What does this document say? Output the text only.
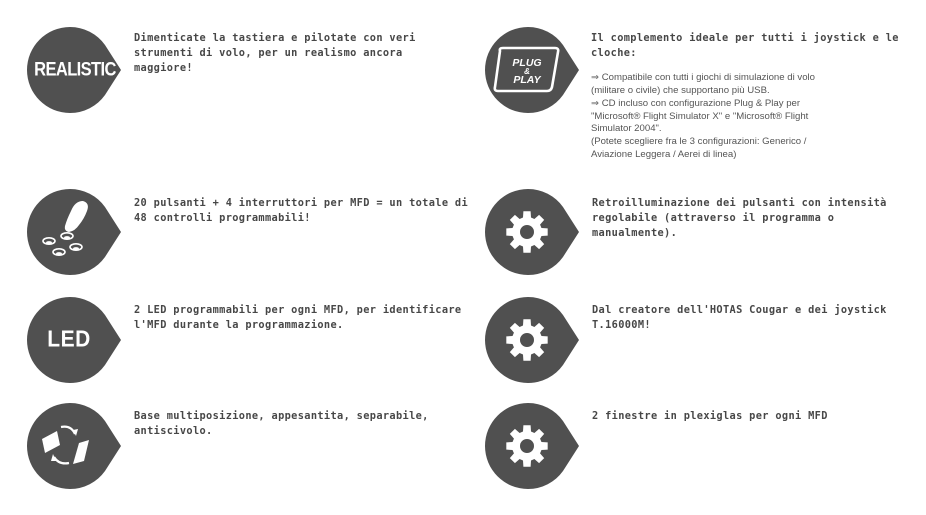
REALISTIC
Dimenticate la tastiera e pilotate con veri strumenti di volo, per un realismo ancora maggiore!	PLUG
&
PLAY
Il complemento ideale per tutti i joystick e le cloche:

⇒ Compatibile con tutti i giochi di simulazione di volo (militare o civile) che supportano più USB.

⇒ CD incluso con configurazione Plug & Play per "Microsoft® Flight Simulator X" e "Microsoft® Flight Simulator 2004".

(Potete scegliere fra le 3 configurazioni: Generico / Aviazione Leggera / Aerei di linea)

20 pulsanti + 4 interruttori per MFD = un totale di 48 controlli programmabili!
Retroilluminazione dei pulsanti con intensità regolabile (attraverso il programma o manualmente).
LED
2 LED programmabili per ogni MFD, per identificare l'MFD durante la programmazione.
Dal creatore dell'HOTAS Cougar e dei joystick T.16000M!
Base multiposizione, appesantita, separabile, antiscivolo.
2 finestre in plexiglas per ogni MFD
